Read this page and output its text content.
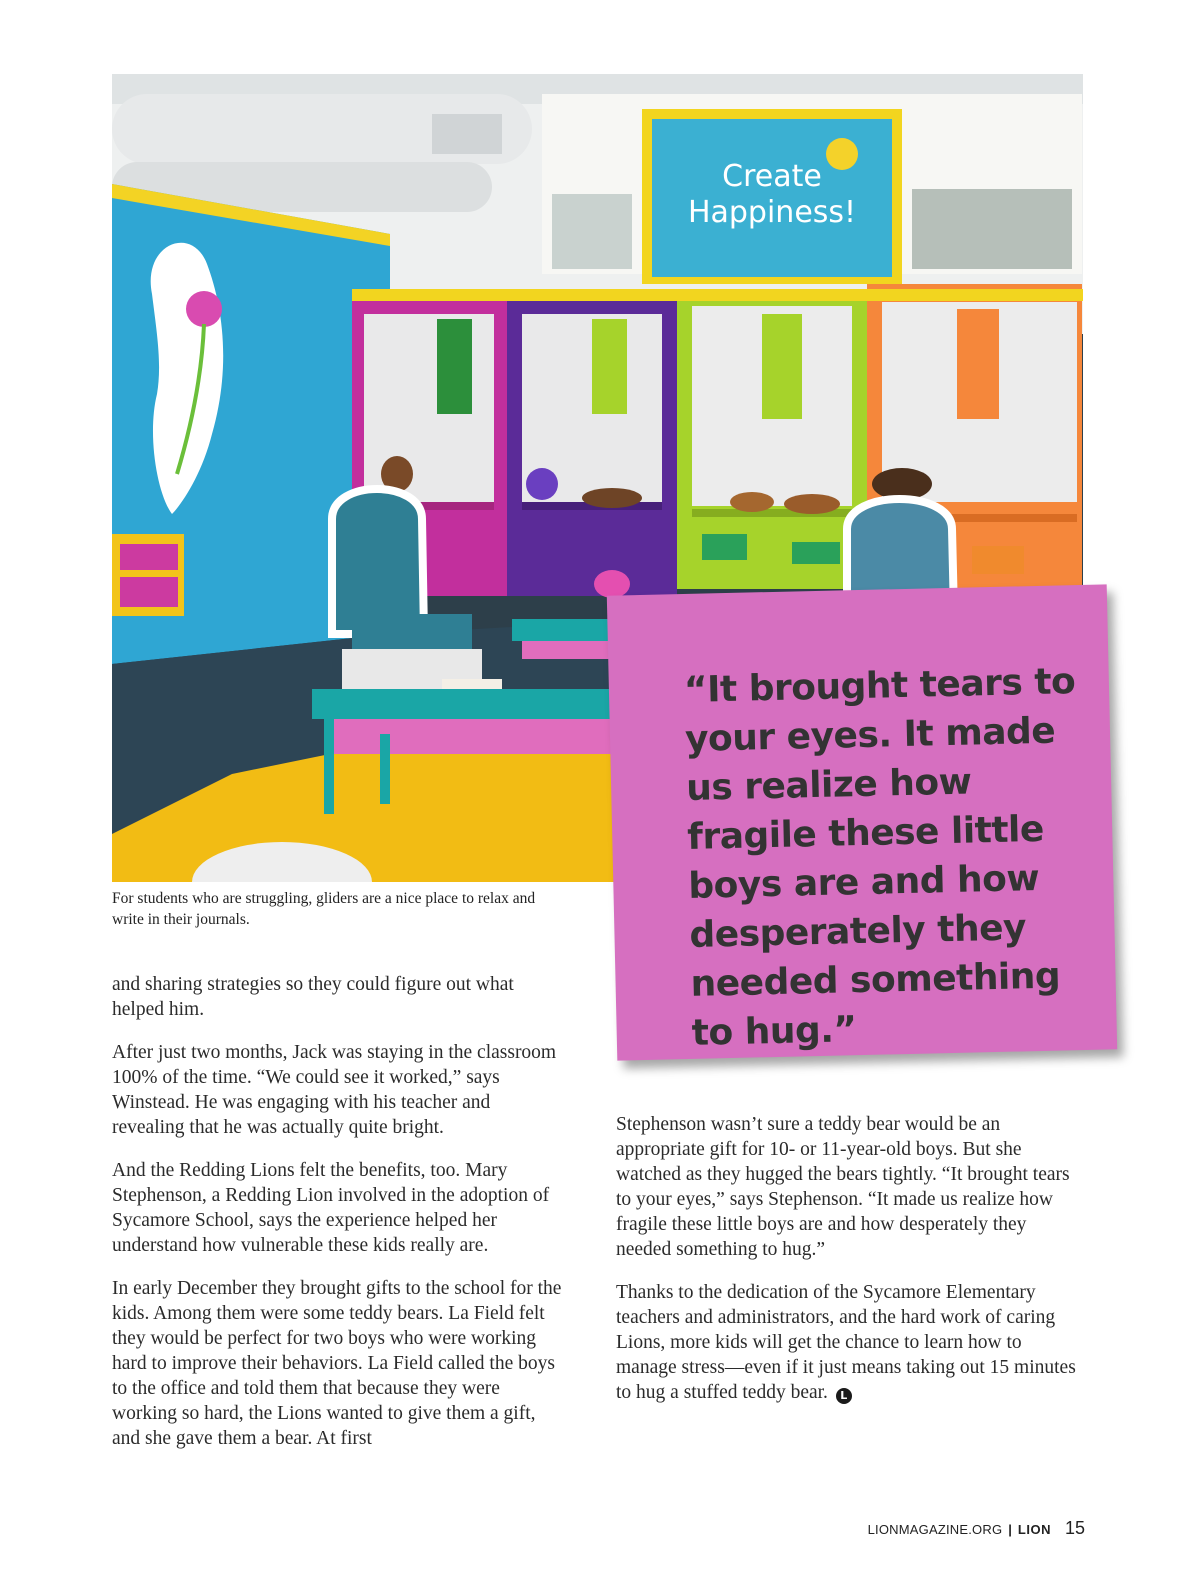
Create
Happiness!
For students who are struggling, gliders are a nice place to relax and write in their journals.

and sharing strategies so they could figure out what helped him.

After just two months, Jack was staying in the classroom 100% of the time. “We could see it worked,” says Winstead. He was engaging with his teacher and revealing that he was actually quite bright.

And the Redding Lions felt the benefits, too. Mary Stephenson, a Redding Lion involved in the adoption of Sycamore School, says the experience helped her understand how vulnerable these kids really are.

In early December they brought gifts to the school for the kids. Among them were some teddy bears. La Field felt they would be perfect for two boys who were working hard to improve their behaviors. La Field called the boys to the office and told them that because they were working so hard, the Lions wanted to give them a gift, and she gave them a bear. At first

“It brought tears to your eyes. It made us realize how fragile these little boys are and how desperately they needed something to hug.”

Stephenson wasn’t sure a teddy bear would be an appropriate gift for 10- or 11-year-old boys. But she watched as they hugged the bears tightly. “It brought tears to your eyes,” says Stephenson. “It made us realize how fragile these little boys are and how desperately they needed something to hug.”

Thanks to the dedication of the Sycamore Elementary teachers and administrators, and the hard work of caring Lions, more kids will get the chance to learn how to manage stress—even if it just means taking out 15 minutes to hug a stuffed teddy bear. L

LIONMAGAZINE.ORG | LION 15
